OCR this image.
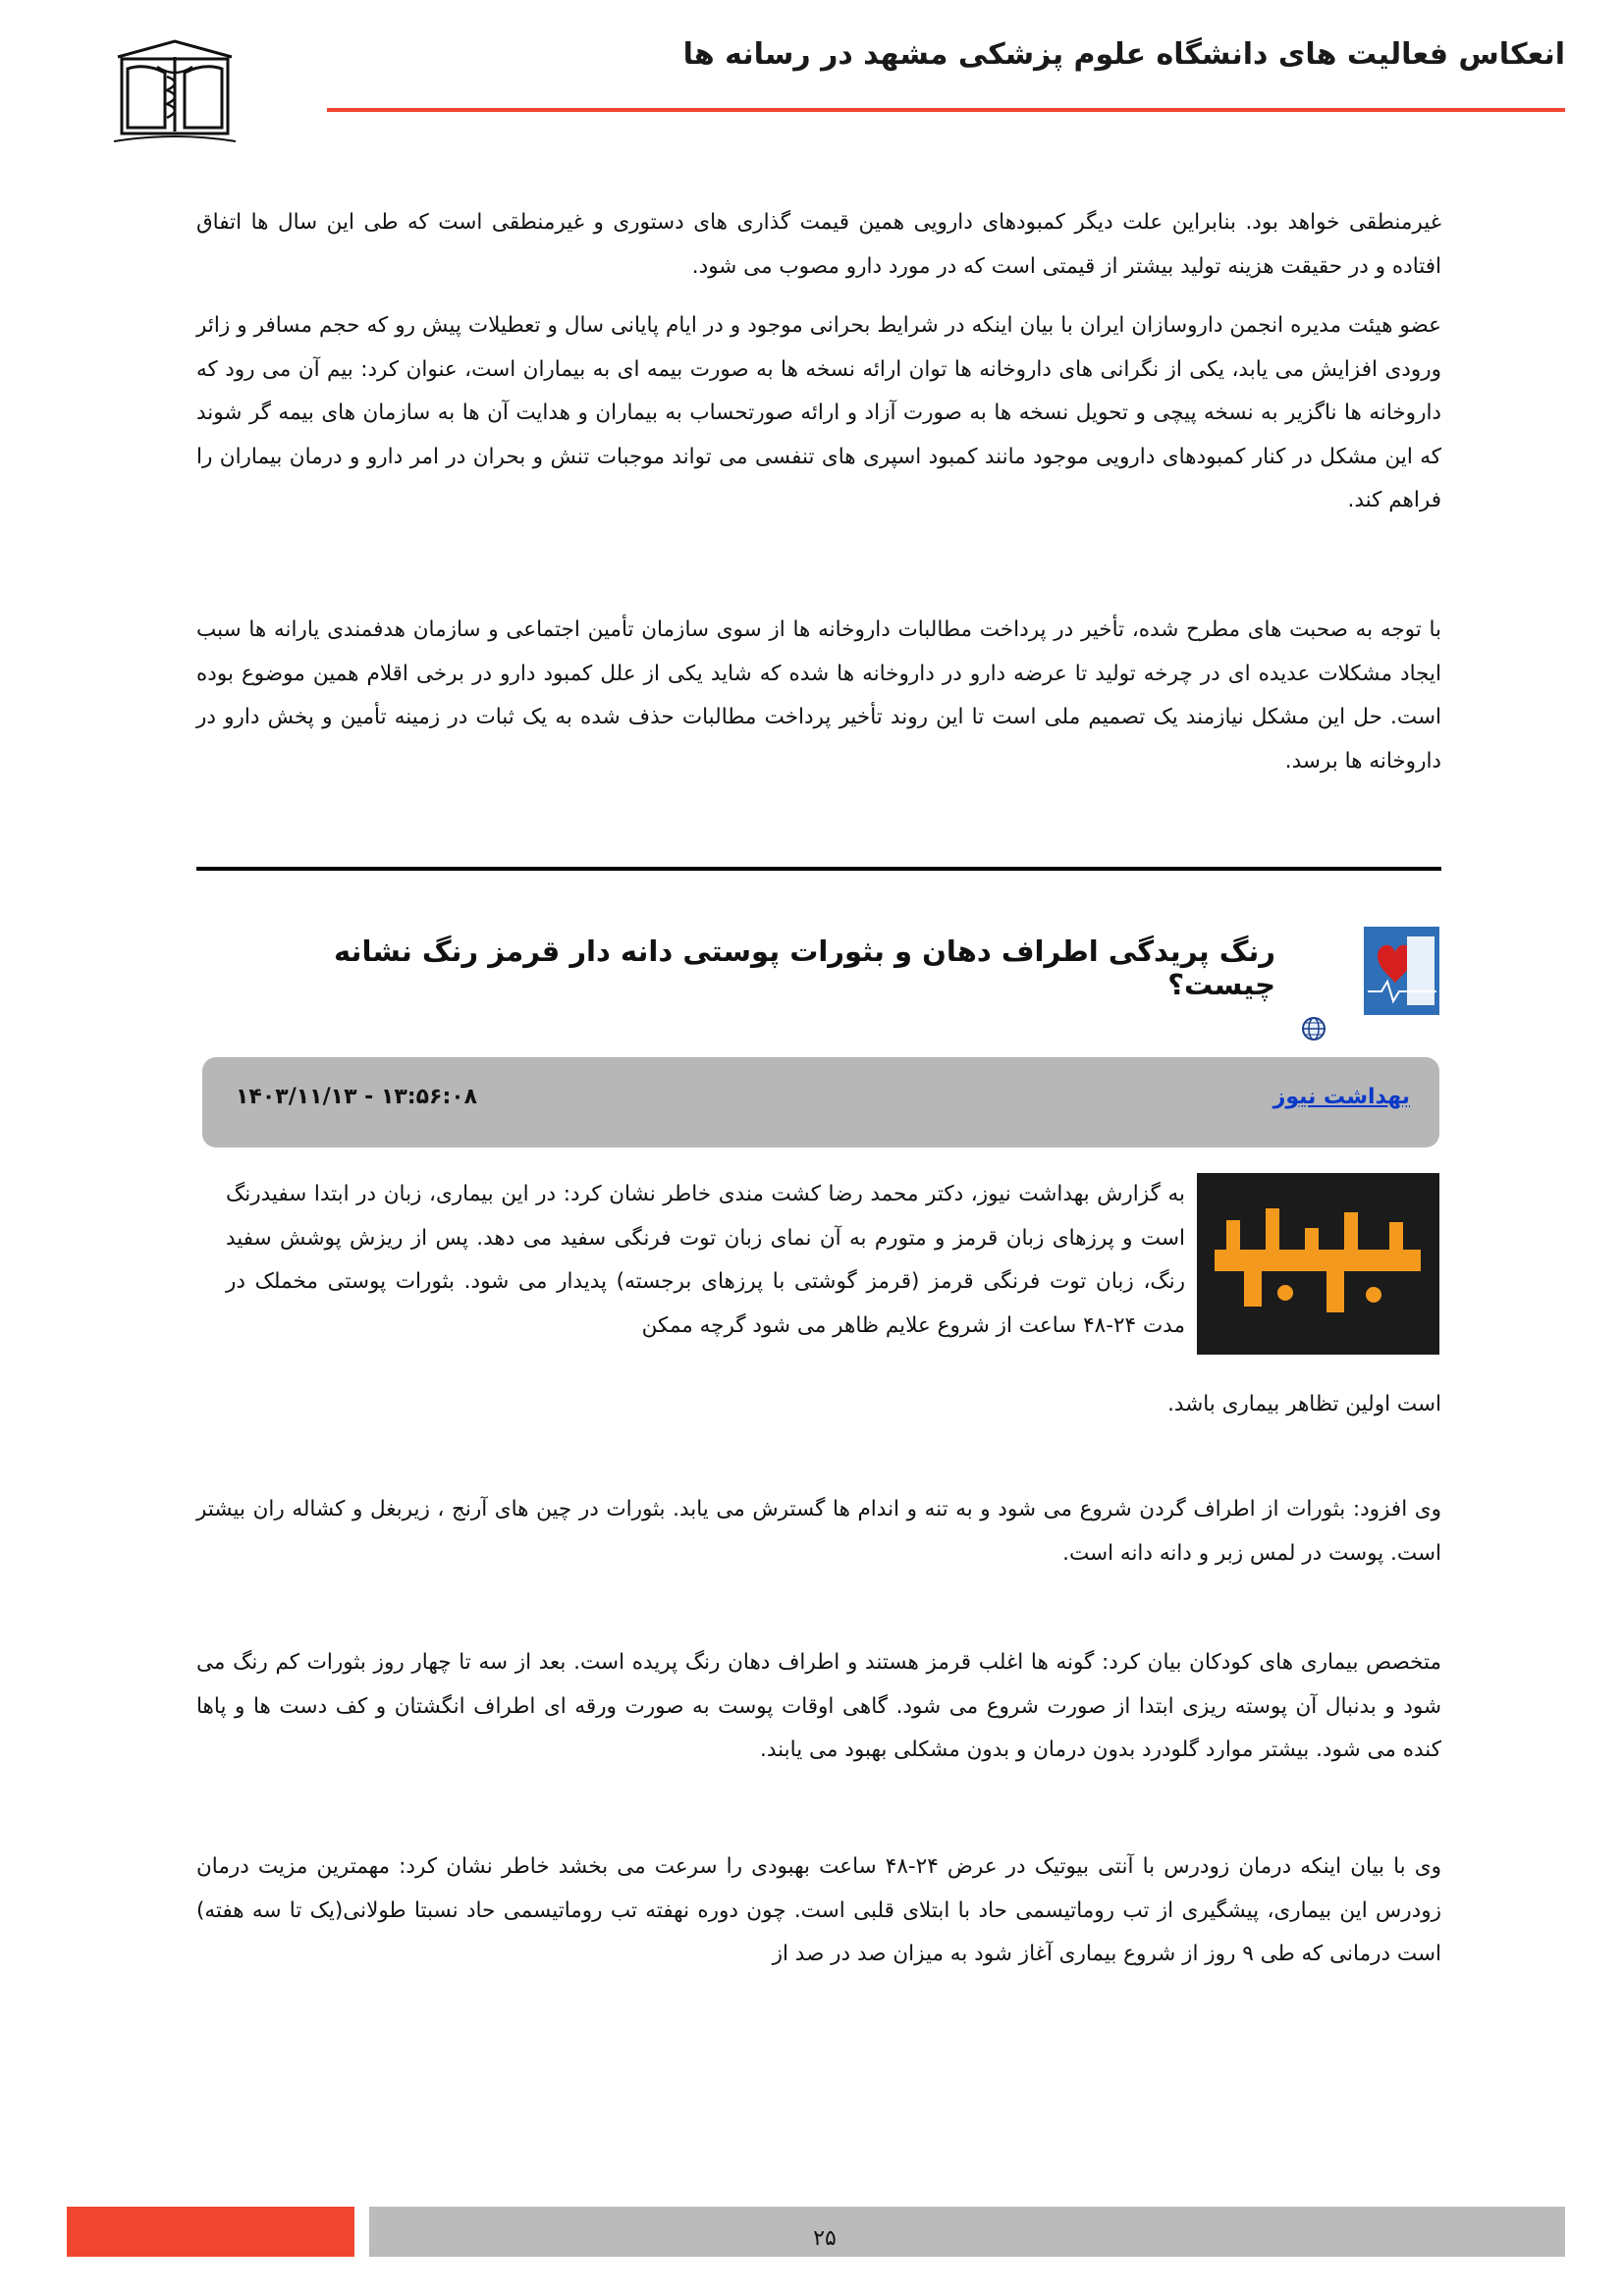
انعکاس فعالیت های دانشگاه علوم پزشکی مشهد در رسانه ها
غیرمنطقی خواهد بود. بنابراین علت دیگر کمبودهای دارویی همین قیمت گذاری های دستوری و غیرمنطقی است که طی این سال ها اتفاق افتاده و در حقیقت هزینه تولید بیشتر از قیمتی است که در مورد دارو مصوب می شود.
عضو هیئت مدیره انجمن داروسازان ایران با بیان اینکه در شرایط بحرانی موجود و در ایام پایانی سال و تعطیلات پیش رو که حجم مسافر و زائر ورودی افزایش می یابد، یکی از نگرانی های داروخانه ها توان ارائه نسخه ها به صورت بیمه ای به بیماران است، عنوان کرد: بیم آن می رود که داروخانه ها ناگزیر به نسخه پیچی و تحویل نسخه ها به صورت آزاد و ارائه صورتحساب به بیماران و هدایت آن ها به سازمان های بیمه گر شوند که این مشکل در کنار کمبودهای دارویی موجود مانند کمبود اسپری های تنفسی می تواند موجبات تنش و بحران در امر دارو و درمان بیماران را فراهم کند.
با توجه به صحبت های مطرح شده، تأخیر در پرداخت مطالبات داروخانه ها از سوی سازمان تأمین اجتماعی و سازمان هدفمندی یارانه ها سبب ایجاد مشکلات عدیده ای در چرخه تولید تا عرضه دارو در داروخانه ها شده که شاید یکی از علل کمبود دارو در برخی اقلام همین موضوع بوده است. حل این مشکل نیازمند یک تصمیم ملی است تا این روند تأخیر پرداخت مطالبات حذف شده به یک ثبات در زمینه تأمین و پخش دارو در داروخانه ها برسد.
رنگ پریدگی اطراف دهان و بثورات پوستی دانه دار قرمز رنگ نشانه چیست؟
بهداشت نیوز
۱۴۰۳/۱۱/۱۳ - ۱۳:۵۶:۰۸
به گزارش بهداشت نیوز، دکتر محمد رضا کشت مندی خاطر نشان کرد: در این بیماری، زبان در ابتدا سفیدرنگ است و پرزهای زبان قرمز و متورم به آن نمای زبان توت فرنگی سفید می دهد. پس از ریزش پوشش سفید رنگ، زبان توت فرنگی قرمز (قرمز گوشتی با پرزهای برجسته) پدیدار می شود. بثورات پوستی مخملک در مدت ۲۴-۴۸ ساعت از شروع علایم ظاهر می شود گرچه ممکن
است اولین تظاهر بیماری باشد.
وی افزود: بثورات از اطراف گردن شروع می شود و به تنه و اندام ها گسترش می یابد. بثورات در چین های آرنج ، زیربغل و کشاله ران بیشتر است. پوست در لمس زبر و دانه دانه است.
متخصص بیماری های کودکان بیان کرد: گونه ها اغلب قرمز هستند و اطراف دهان رنگ پریده است. بعد از سه تا چهار روز بثورات کم رنگ می شود و بدنبال آن پوسته ریزی ابتدا از صورت شروع می شود. گاهی اوقات پوست به صورت ورقه ای اطراف انگشتان و کف دست ها و پاها کنده می شود. بیشتر موارد گلودرد بدون درمان و بدون مشکلی بهبود می یابند.
وی با بیان اینکه درمان زودرس با آنتی بیوتیک در عرض ۲۴-۴۸ ساعت بهبودی را سرعت می بخشد خاطر نشان کرد: مهمترین مزیت درمان زودرس این بیماری، پیشگیری از تب روماتیسمی حاد با ابتلای قلبی است. چون دوره نهفته تب روماتیسمی حاد نسبتا طولانی(یک تا سه هفته) است درمانی که طی ۹ روز از شروع بیماری آغاز شود به میزان صد در صد از
۲۵
